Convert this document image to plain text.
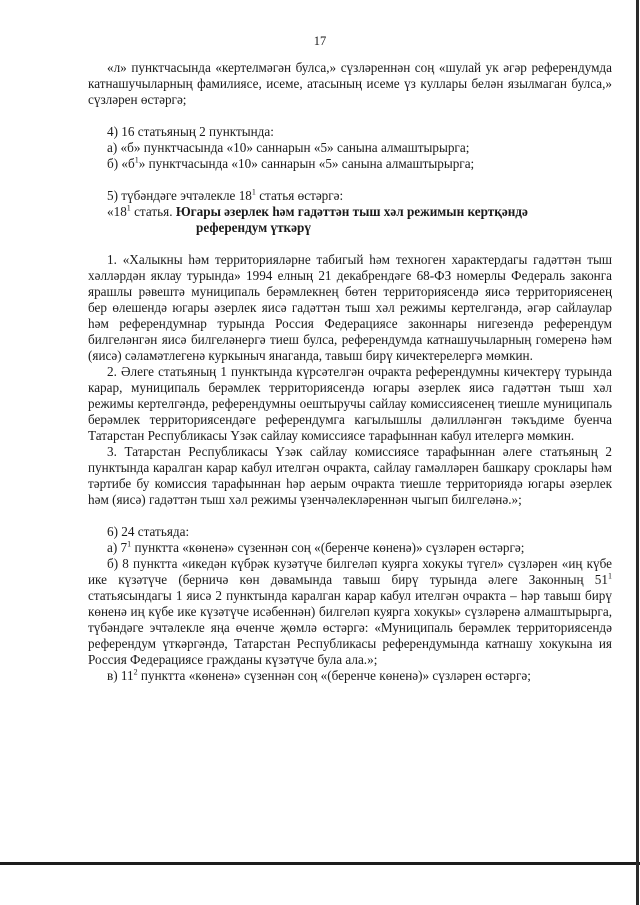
17

«л» пунктчасында «кертелмәгән булса,» сүзләреннән соң «шулай ук әгәр референдумда катнашучыларның фамилиясе, исеме, атасының исеме үз куллары белән язылмаган булса,» сүзләрен өстәргә;

4) 16 статьяның 2 пунктында:

а) «б» пунктчасында «10» саннарын «5» санына алмаштырырга;

б) «$б^1$» пунктчасында «10» саннарын «5» санына алмаштырырга;

5) түбәндәге эчтәлекле $18^1$ статья өстәргә:

«$18^1$ статья. Югары әзерлек һәм гадәттән тыш хәл режимын кертқәндә

референдум үткәрү

1. «Халыкны һәм территорияләрне табигый һәм техноген характердагы гадәттән тыш хәлләрдән яклау турында» 1994 елның 21 декабрендәге 68-ФЗ номерлы Федераль законга ярашлы рәвештә муниципаль берәмлекнең бөтен территориясендә яисә территориясенең бер өлешендә югары әзерлек яисә гадәттән тыш хәл режимы кертелгәндә, әгәр сайлаулар һәм референдумнар турында Россия Федерациясе законнары нигезендә референдум билгеләнгән яисә билгеләнергә тиеш булса, референдумда катнашучыларның гомеренә һәм (яисә) сәламәтлегенә куркыныч янаганда, тавыш бирү кичектерелергә мөмкин.

2. Әлеге статьяның 1 пунктында күрсәтелгән очракта референдумны кичектерү турында карар, муниципаль берәмлек территориясендә югары әзерлек яисә гадәттән тыш хәл режимы кертелгәндә, референдумны оештыручы сайлау комиссиясенең тиешле муниципаль берәмлек территориясендәге референдумга кагылышлы дәлилләнгән тәкъдиме буенча Татарстан Республикасы Үзәк сайлау комиссиясе тарафыннан кабул ителергә мөмкин.

3. Татарстан Республикасы Үзәк сайлау комиссиясе тарафыннан әлеге статьяның 2 пунктында каралган карар кабул ителгән очракта, сайлау гамәлләрен башкару сроклары һәм тәртибе бу комиссия тарафыннан һәр аерым очракта тиешле территориядә югары әзерлек һәм (яисә) гадәттән тыш хәл режимы үзенчәлекләреннән чыгып билгеләнә.»;

6) 24 статьяда:

а) $7^1$ пунктта «көненә» сүзеннән соң «(беренче көненә)» сүзләрен өстәргә;

б) 8 пунктта «икедән күбрәк кузәтүче билгеләп куярга хокукы түгел» сүзләрен «иң күбе ике күзәтүче (берничә көн дәвамында тавыш бирү турында әлеге Законның $51^1$ статьясындагы 1 яисә 2 пунктында каралган карар кабул ителгән очракта – һәр тавыш бирү көненә иң күбе ике күзәтүче исәбеннән) билгеләп куярга хокукы» сүзләренә алмаштырырга, түбәндәге эчтәлекле яңа өченче җөмлә өстәргә: «Муниципаль берәмлек территориясендә референдум үткәргәндә, Татарстан Республикасы референдумында катнашу хокукына ия Россия Федерациясе гражданы күзәтүче була ала.»;

в) $11^2$ пунктта «көненә» сүзеннән соң «(беренче көненә)» сүзләрен өстәргә;
